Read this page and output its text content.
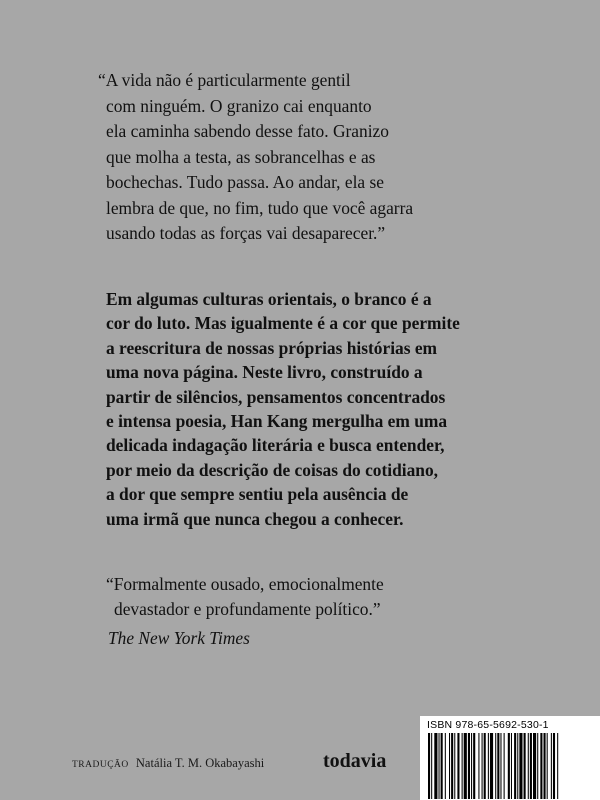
“A vida não é particularmente gentil
com ninguém. O granizo cai enquanto
ela caminha sabendo desse fato. Granizo
que molha a testa, as sobrancelhas e as
bochechas. Tudo passa. Ao andar, ela se
lembra de que, no fim, tudo que você agarra
usando todas as forças vai desaparecer.”
Em algumas culturas orientais, o branco é a
cor do luto. Mas igualmente é a cor que permite
a reescritura de nossas próprias histórias em
uma nova página. Neste livro, construído a
partir de silêncios, pensamentos concentrados
e intensa poesia, Han Kang mergulha em uma
delicada indagação literária e busca entender,
por meio da descrição de coisas do cotidiano,
a dor que sempre sentiu pela ausência de
uma irmã que nunca chegou a conhecer.
“Formalmente ousado, emocionalmente
devastador e profundamente político.”
The New York Times
TRADUÇÃO Natália T. M. Okabayashi	todavia
ISBN 978-65-5692-530-1
